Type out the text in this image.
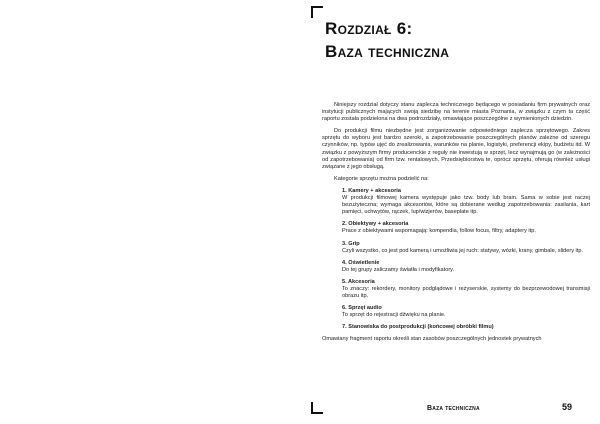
Rozdział 6:
Baza techniczna

Niniejszy rozdział dotyczy stanu zaplecza technicznego będącego w posiadaniu firm prywatnych oraz instytucji publicznych mających swoją siedzibę na terenie miasta Poznania, w związku z czym ta część raportu została podzielona na dwa podrozdziały, omawiające poszczególne z wymienionych dziedzin.

Do produkcji filmu niezbędne jest zorganizowanie odpowiedniego zaplecza sprzętowego. Zakres sprzętu do wyboru jest bardzo szeroki, a zapotrzebowanie poszczególnych planów zależne od szeregu czynników, np. typów ujęć do zrealizowania, warunków na planie, logistyki, preferencji ekipy, budżetu itd. W związku z powyższym firmy producenckie z reguły nie inwestują w sprzęt, lecz wynajmują go (w zależności od zapotrzebowania) od firm tzw. rentalowych. Przedsiębiorstwa te, oprócz sprzętu, oferują również usługi związane z jego obsługą.

Kategorie sprzętu można podzielić na:

1. Kamery + akcesoria
W produkcji filmowej kamera występuje jako tzw. body lub brain. Sama w sobie jest raczej bezużyteczna; wymaga akcesoriów, które są dobierane według zapotrzebowania: zasilania, kart pamięci, uchwytów, rączek, lup/wizjerów, baseplate itp.
2. Obiektywy + akcesoria
Prace z obiektywami wspomagają: kompendia, follow focus, filtry, adaptery itp.
3. Grip
Czyli wszystko, co jest pod kamerą i umożliwia jej ruch: statywy, wózki, krany, gimbale, slidery itp.
4. Oświetlenie
Do tej grupy zaliczamy światła i modyfikatory.
5. Akcesoria
To znaczy: rekordery, monitory podglądowe i reżyserskie, systemy do bezprzewodowej transmisji obrazu itp.
6. Sprzęt audio
To sprzęt do rejestracji dźwięku na planie.
7. Stanowiska do postprodukcji (końcowej obróbki filmu)
Omawiany fragment raportu określi stan zasobów poszczególnych jednostek prywatnych
Baza techniczna	59
